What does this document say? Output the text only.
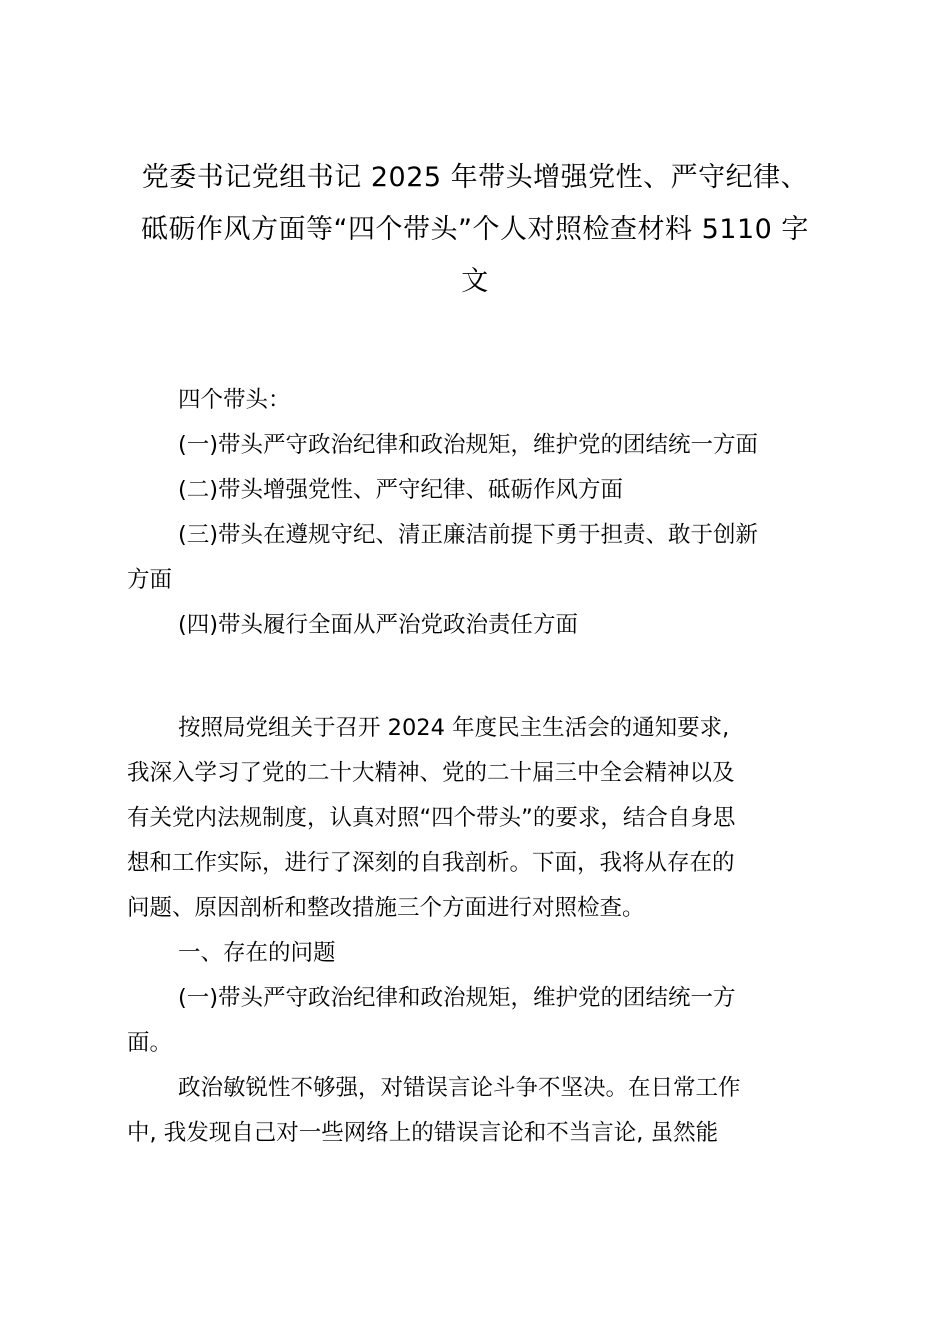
党委书记党组书记 2025 年带头增强党性、严守纪律、
砥砺作风方面等“四个带头”个人对照检查材料 5110 字
文

四个带头：

(一)带头严守政治纪律和政治规矩，维护党的团结统一方面

(二)带头增强党性、严守纪律、砥砺作风方面

(三)带头在遵规守纪、清正廉洁前提下勇于担责、敢于创新

方面

(四)带头履行全面从严治党政治责任方面

按照局党组关于召开 2024 年度民主生活会的通知要求,

我深入学习了党的二十大精神、党的二十届三中全会精神以及

有关党内法规制度，认真对照“四个带头”的要求，结合自身思

想和工作实际，进行了深刻的自我剖析。下面，我将从存在的

问题、原因剖析和整改措施三个方面进行对照检查。

一、存在的问题

(一)带头严守政治纪律和政治规矩，维护党的团结统一方

面。

政治敏锐性不够强，对错误言论斗争不坚决。在日常工作

中, 我发现自己对一些网络上的错误言论和不当言论, 虽然能
